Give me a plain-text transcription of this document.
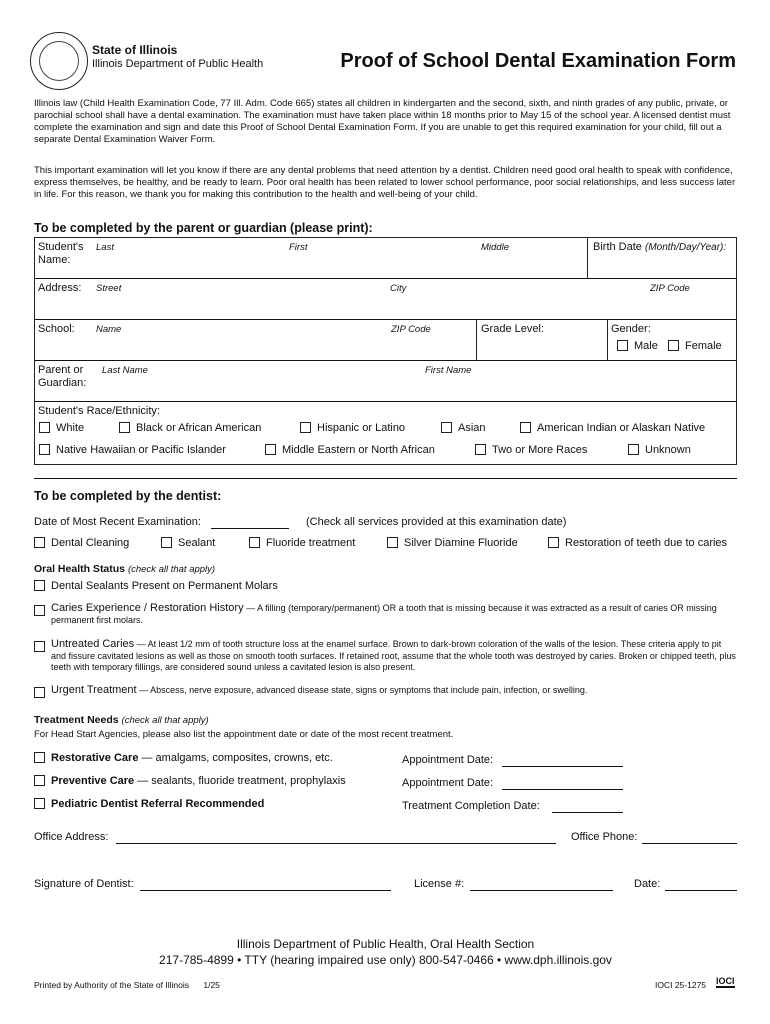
State of Illinois
Illinois Department of Public Health	Proof of School Dental Examination Form
Illinois law (Child Health Examination Code, 77 Ill. Adm. Code 665) states all children in kindergarten and the second, sixth, and ninth grades of any public, private, or parochial school shall have a dental examination. The examination must have taken place within 18 months prior to May 15 of the school year. A licensed dentist must complete the examination and sign and date this Proof of School Dental Examination Form. If you are unable to get this required examination for your child, fill out a separate Dental Examination Waiver Form.
This important examination will let you know if there are any dental problems that need attention by a dentist. Children need good oral health to speak with confidence, express themselves, be healthy, and be ready to learn. Poor oral health has been related to lower school performance, poor social relationships, and less success later in life. For this reason, we thank you for making this contribution to the health and well-being of your child.
To be completed by the parent or guardian (please print):
Student's Name:
Last	First	Middle	Birth Date (Month/Day/Year):
Address: Street	City	ZIP Code
School: Name	ZIP Code	Grade Level:	Gender:
Male	Female
Parent or Guardian:
Last Name	First Name
Student's Race/Ethnicity:
White	Black or African American	Hispanic or Latino	Asian	American Indian or Alaskan Native
Native Hawaiian or Pacific Islander	Middle Eastern or North African	Two or More Races	Unknown
To be completed by the dentist:
Date of Most Recent Examination:	(Check all services provided at this examination date)
Dental Cleaning	Sealant	Fluoride treatment	Silver Diamine Fluoride	Restoration of teeth due to caries
Oral Health Status (check all that apply)
Dental Sealants Present on Permanent Molars
Caries Experience / Restoration History — A filling (temporary/permanent) OR a tooth that is missing because it was extracted as a result of caries OR missing permanent first molars.
Untreated Caries — At least 1/2 mm of tooth structure loss at the enamel surface. Brown to dark-brown coloration of the walls of the lesion. These criteria apply to pit and fissure cavitated lesions as well as those on smooth tooth surfaces. If retained root, assume that the whole tooth was destroyed by caries. Broken or chipped teeth, plus teeth with temporary fillings, are considered sound unless a cavitated lesion is also present.
Urgent Treatment — Abscess, nerve exposure, advanced disease state, signs or symptoms that include pain, infection, or swelling.
Treatment Needs (check all that apply)
For Head Start Agencies, please also list the appointment date or date of the most recent treatment.
Restorative Care — amalgams, composites, crowns, etc.	Appointment Date:
Preventive Care — sealants, fluoride treatment, prophylaxis	Appointment Date:
Pediatric Dentist Referral Recommended	Treatment Completion Date:
Office Address:	Office Phone:
Signature of Dentist:	License #:	Date:
Illinois Department of Public Health, Oral Health Section
217-785-4899 • TTY (hearing impaired use only) 800-547-0466 • www.dph.illinois.gov
Printed by Authority of the State of Illinois 1/25	IOCI 25-1275 IOCI
